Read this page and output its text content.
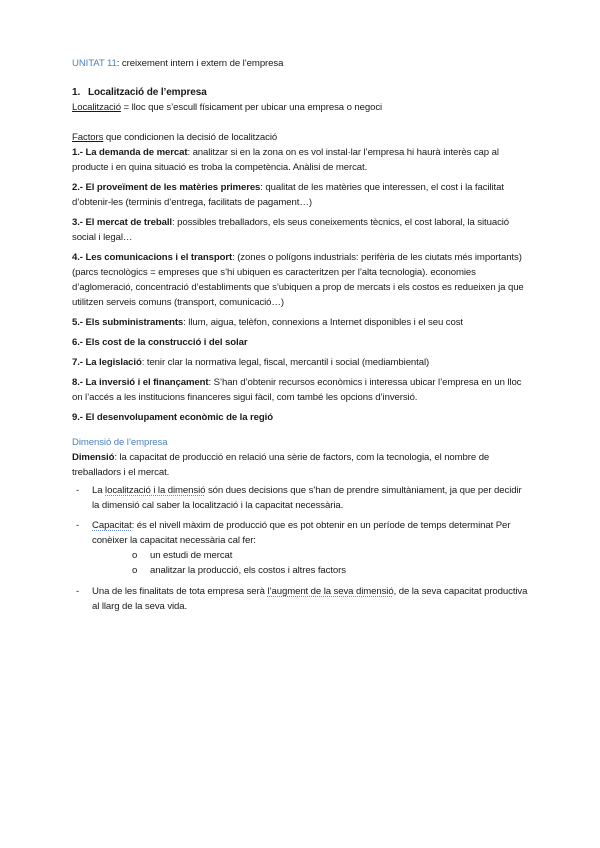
UNITAT 11: creixement intern i extern de l’empresa
1. Localització de l’empresa
Localització = lloc que s’escull físicament per ubicar una empresa o negoci
Factors que condicionen la decisió de localització

1.- La demanda de mercat: analitzar si en la zona on es vol instal·lar l’empresa hi haurà interès cap al producte i en quina situació es troba la competència. Anàlisi de mercat.

2.- El proveïment de les matèries primeres: qualitat de les matèries que interessen, el cost i la facilitat d’obtenir-les (terminis d’entrega, facilitats de pagament…)

3.- El mercat de treball: possibles treballadors, els seus coneixements tècnics, el cost laboral, la situació social i legal…

4.- Les comunicacions i el transport: (zones o polígons industrials: perifèria de les ciutats més importants) (parcs tecnològics = empreses que s’hi ubiquen es caracteritzen per l’alta tecnologia). economies d’aglomeració, concentració d’establiments que s’ubiquen a prop de mercats i els costos es redueixen ja que utilitzen serveis comuns (transport, comunicació…)

5.- Els subministraments: llum, aigua, telèfon, connexions a Internet disponibles i el seu cost

6.- Els cost de la construcció i del solar

7.- La legislació: tenir clar la normativa legal, fiscal, mercantil i social (mediambiental)

8.- La inversió i el finançament: S’han d’obtenir recursos econòmics i interessa ubicar l’empresa en un lloc on l’accés a les institucions financeres sigui fàcil, com també les opcions d’inversió.

9.- El desenvolupament econòmic de la regió

Dimensió de l’empresa
Dimensió: la capacitat de producció en relació una sèrie de factors, com la tecnologia, el nombre de treballadors i el mercat.
- La localització i la dimensió són dues decisions que s’han de prendre simultàniament, ja que per decidir la dimensió cal saber la localització i la capacitat necessària.
- Capacitat: és el nivell màxim de producció que es pot obtenir en un període de temps determinat Per conèixer la capacitat necessària cal fer:
o un estudi de mercat
o analitzar la producció, els costos i altres factors
- Una de les finalitats de tota empresa serà l’augment de la seva dimensió, de la seva capacitat productiva al llarg de la seva vida.
